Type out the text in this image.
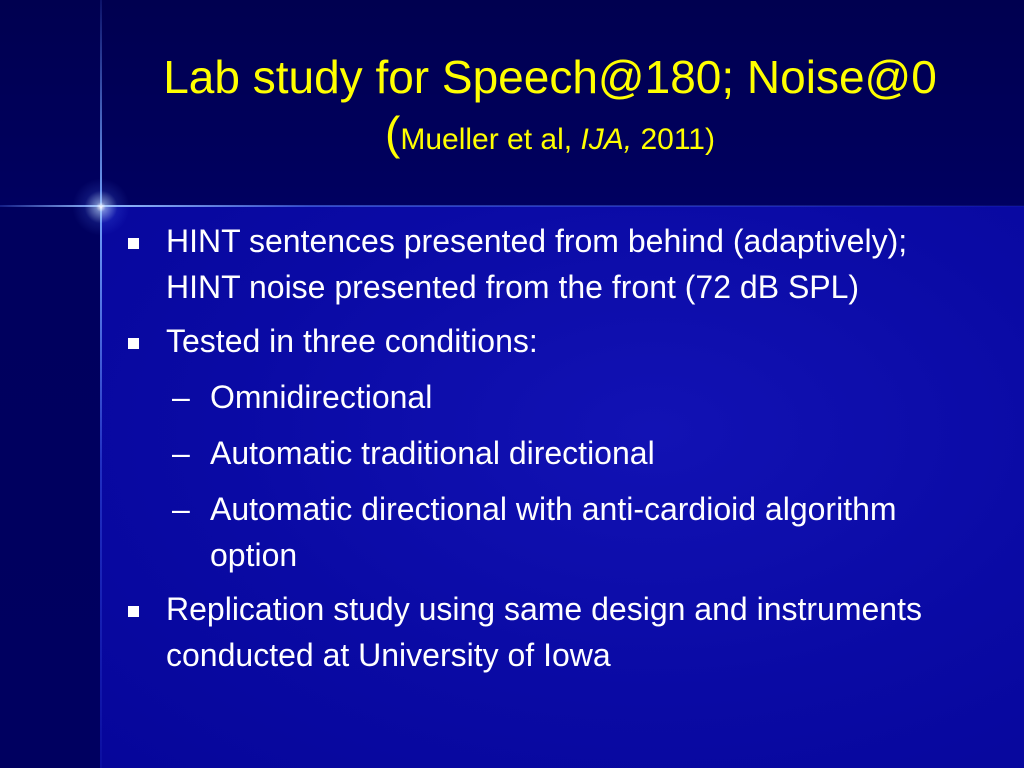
Lab study for Speech@180; Noise@0
(Mueller et al, IJA, 2011)
HINT sentences presented from behind (adaptively); HINT noise presented from the front (72 dB SPL)
Tested in three conditions:
– Omnidirectional
– Automatic traditional directional
– Automatic directional with anti-cardioid algorithm option
Replication study using same design and instruments conducted at University of Iowa
